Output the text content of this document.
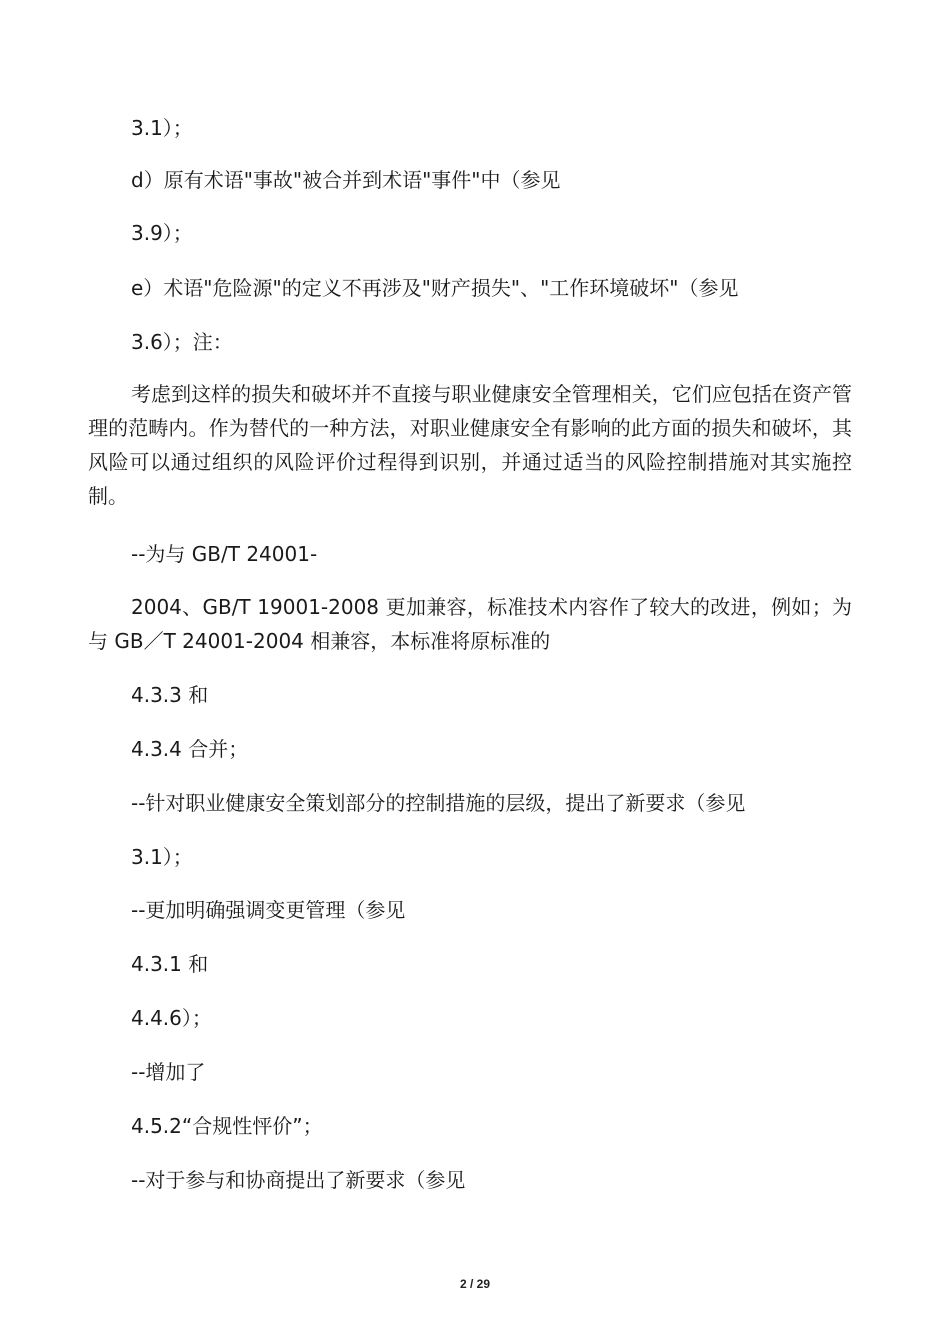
3.1）；
d）原有术语"事故"被合并到术语"事件"中（参见
3.9）；
e）术语"危险源"的定义不再涉及"财产损失"、"工作环境破坏"（参见
3.6）；注：
考虑到这样的损失和破坏并不直接与职业健康安全管理相关，它们应包括在资产管理的范畴内。作为替代的一种方法，对职业健康安全有影响的此方面的损失和破坏，其风险可以通过组织的风险评价过程得到识别，并通过适当的风险控制措施对其实施控制。
--为与 GB/T 24001-
2004、GB/T 19001-2008 更加兼容，标准技术内容作了较大的改进，例如；为与 GB／T 24001-2004 相兼容，本标准将原标准的
4.3.3 和
4.3.4 合并；
--针对职业健康安全策划部分的控制措施的层级，提出了新要求（参见
3.1）；
--更加明确强调变更管理（参见
4.3.1 和
4.4.6）；
--增加了
4.5.2“合规性怦价”；
--对于参与和协商提出了新要求（参见
2 / 29
